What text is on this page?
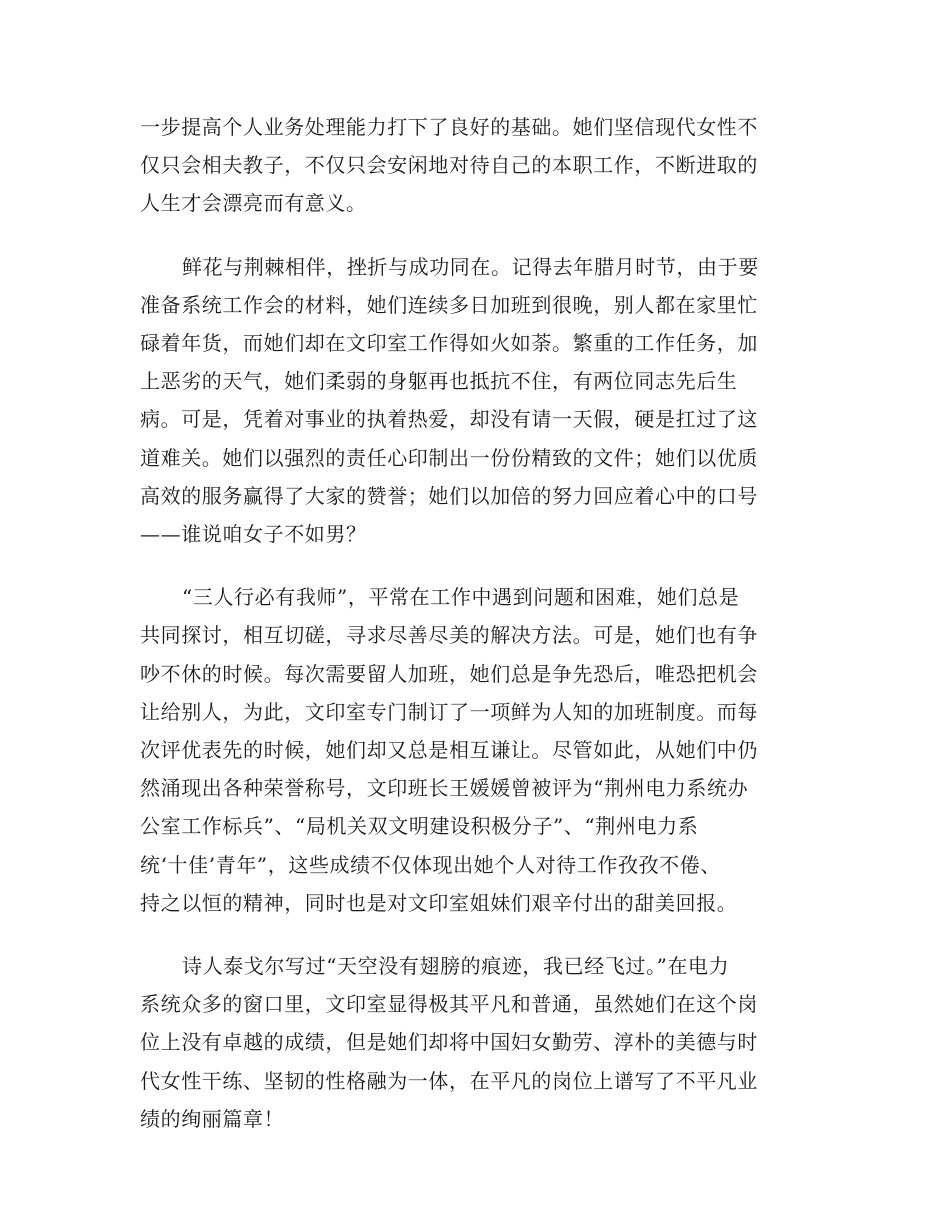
一步提高个人业务处理能力打下了良好的基础。她们坚信现代女性不
仅只会相夫教子，不仅只会安闲地对待自己的本职工作，不断进取的
人生才会漂亮而有意义。

鲜花与荆棘相伴，挫折与成功同在。记得去年腊月时节，由于要
准备系统工作会的材料，她们连续多日加班到很晚，别人都在家里忙
碌着年货，而她们却在文印室工作得如火如荼。繁重的工作任务，加
上恶劣的天气，她们柔弱的身躯再也抵抗不住，有两位同志先后生
病。可是，凭着对事业的执着热爱，却没有请一天假，硬是扛过了这
道难关。她们以强烈的责任心印制出一份份精致的文件；她们以优质
高效的服务赢得了大家的赞誉；她们以加倍的努力回应着心中的口号
——谁说咱女子不如男？

“三人行必有我师”，平常在工作中遇到问题和困难，她们总是
共同探讨，相互切磋，寻求尽善尽美的解决方法。可是，她们也有争
吵不休的时候。每次需要留人加班，她们总是争先恐后，唯恐把机会
让给别人，为此，文印室专门制订了一项鲜为人知的加班制度。而每
次评优表先的时候，她们却又总是相互谦让。尽管如此，从她们中仍
然涌现出各种荣誉称号，文印班长王媛媛曾被评为“荆州电力系统办
公室工作标兵”、“局机关双文明建设积极分子”、“荆州电力系
统‘十佳’青年”，这些成绩不仅体现出她个人对待工作孜孜不倦、
持之以恒的精神，同时也是对文印室姐妹们艰辛付出的甜美回报。

诗人泰戈尔写过“天空没有翅膀的痕迹，我已经飞过。”在电力
系统众多的窗口里，文印室显得极其平凡和普通，虽然她们在这个岗
位上没有卓越的成绩，但是她们却将中国妇女勤劳、淳朴的美德与时
代女性干练、坚韧的性格融为一体，在平凡的岗位上谱写了不平凡业
绩的绚丽篇章！
